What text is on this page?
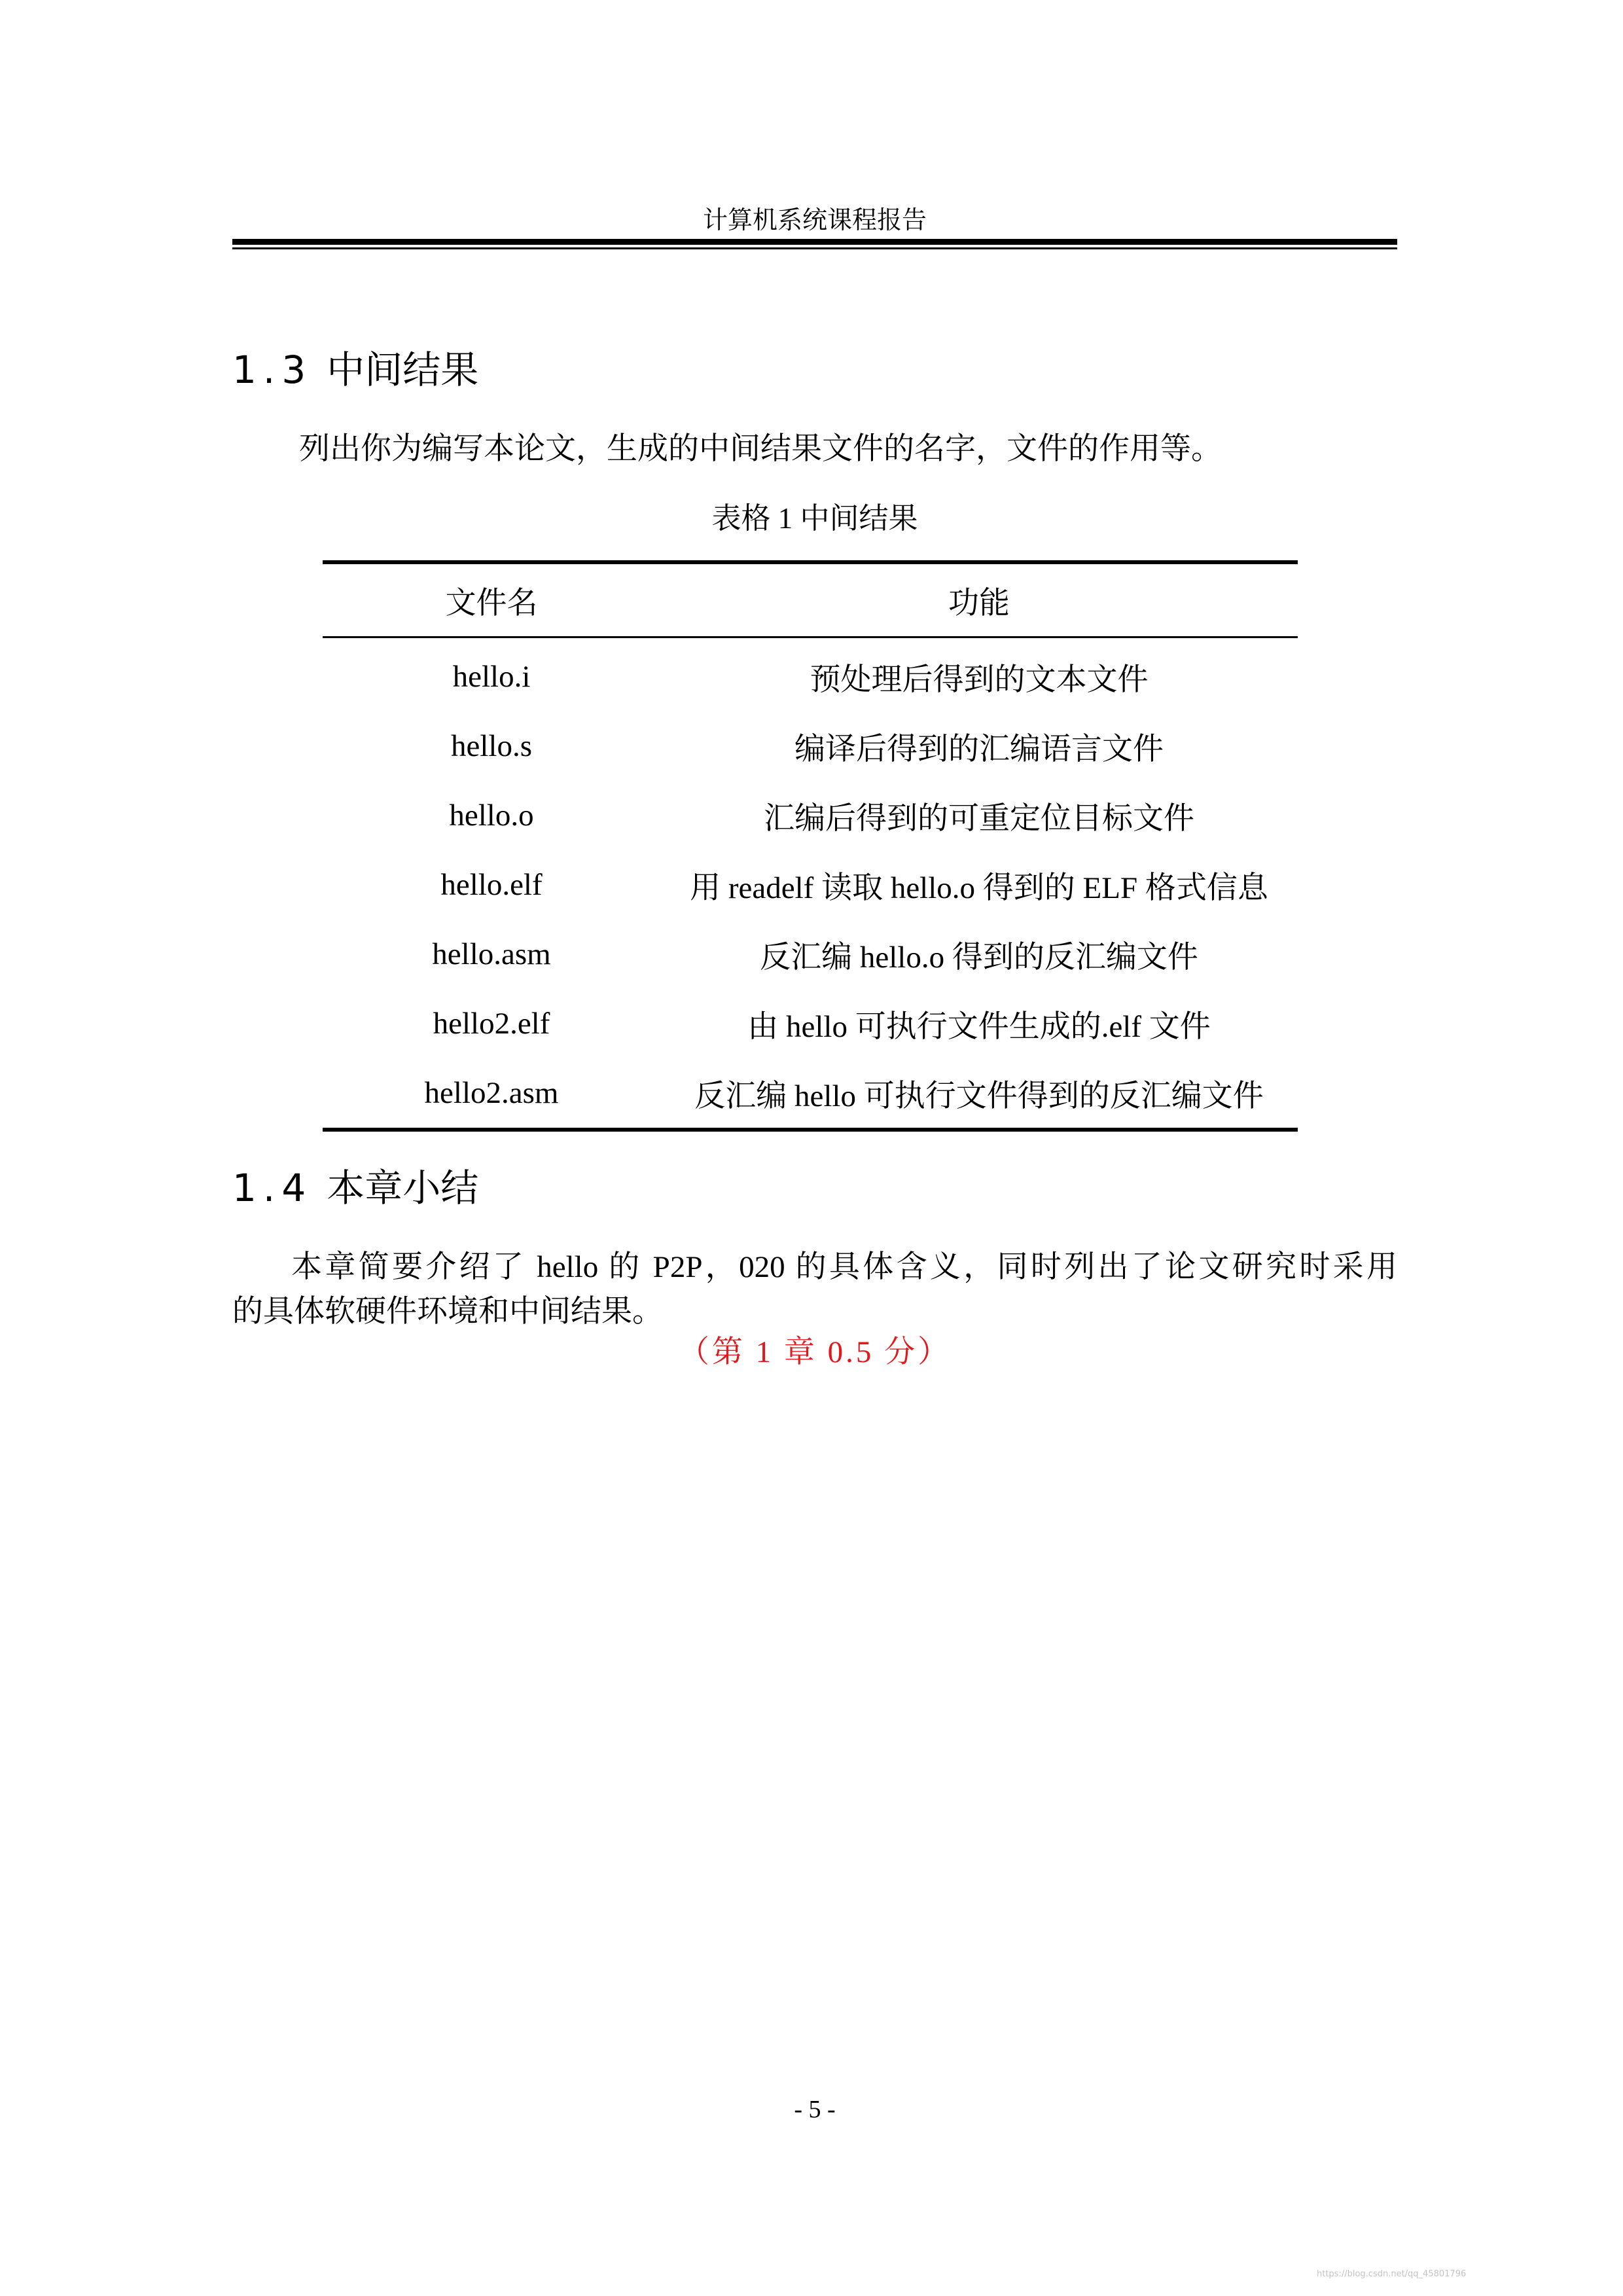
计算机系统课程报告
1.3 中间结果
列出你为编写本论文，生成的中间结果文件的名字，文件的作用等。
表格 1 中间结果
文件名	功能
hello.i	预处理后得到的文本文件
hello.s	编译后得到的汇编语言文件
hello.o	汇编后得到的可重定位目标文件
hello.elf	用 readelf 读取 hello.o 得到的 ELF 格式信息
hello.asm	反汇编 hello.o 得到的反汇编文件
hello2.elf	由 hello 可执行文件生成的.elf 文件
hello2.asm	反汇编 hello 可执行文件得到的反汇编文件
1.4 本章小结
本章简要介绍了 hello 的 P2P，020 的具体含义，同时列出了论文研究时采用
的具体软硬件环境和中间结果。
（第 1 章 0.5 分）
- 5 -
https://blog.csdn.net/qq_45801796
